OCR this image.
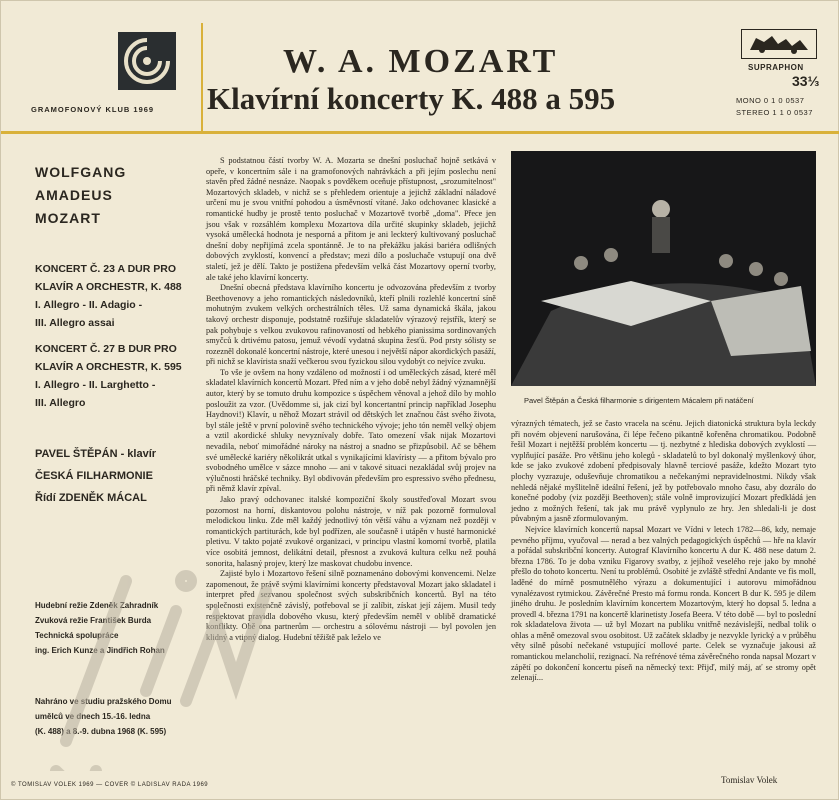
GRAMOFONOVÝ KLUB 1969
W. A. MOZART
Klavírní koncerty K. 488 a 595
SUPRAPHON
33⅓
MONO 0 1 0 0537
STEREO 1 1 0 0537
WOLFGANG
AMADEUS
MOZART
KONCERT Č. 23 A DUR PRO
KLAVÍR A ORCHESTR, K. 488
I. Allegro - II. Adagio -
III. Allegro assai
KONCERT Č. 27 B DUR PRO
KLAVÍR A ORCHESTR, K. 595
I. Allegro - II. Larghetto -
III. Allegro
PAVEL ŠTĚPÁN - klavír
ČESKÁ FILHARMONIE
Řídí ZDENĚK MÁCAL
Hudební režie Zdeněk Zahradník
Zvuková režie František Burda
Technická spolupráce
ing. Erich Kunze a Jindřich Rohan
Nahráno ve studiu pražského Domu
umělců ve dnech 15.-16. ledna
(K. 488) a 8.-9. dubna 1968 (K. 595)
© TOMISLAV VOLEK 1969 — COVER © LADISLAV RADA 1969

S podstatnou částí tvorby W. A. Mozarta se dnešní posluchač hojně setkává v opeře, v koncertním sále i na gramofonových nahrávkách a při jejím poslechu není stavěn před žádné nesnáze. Naopak s povděkem oceňuje přístupnost, „srozumitelnost" Mozartových skladeb, v nichž se s přehledem orientuje a jejichž základní náladové určení mu je svou vnitřní pohodou a úsměvností vítané. Jako odchovanec klasické a romantické hudby je prostě tento posluchač v Mozartově tvorbě „doma". Přece jen jsou však v rozsáhlém komplexu Mozartova díla určité skupinky skladeb, jejichž vysoká umělecká hodnota je nesporná a přitom je ani leckterý kultivovaný posluchač dnešní doby nepřijímá zcela spontánně. Je to na překážku jakási bariéra odlišných dobových zvyklostí, konvencí a představ; mezi dílo a posluchače vstupují ona dvě staletí, jež je dělí. Takto je postižena především velká část Mozartovy operní tvorby, ale také jeho klavírní koncerty.

Dnešní obecná představa klavírního koncertu je odvozována především z tvorby Beethovenovy a jeho romantických následovníků, kteří plnili rozlehlé koncertní síně mohutným zvukem velkých orchestrálních těles. Už sama dynamická škála, jakou takový orchestr disponuje, podstatně rozšiřuje skladatelův výrazový rejstřík, který se pak pohybuje s velkou zvukovou rafinovaností od hebkého pianissima sordinovaných smyčců k drtivému patosu, jemuž vévodí vydatná skupina žesťů. Pod prsty sólisty se rozezněl dokonalé koncertní nástroje, které unesou i největší nápor akordických pasáží, při nichž se klavírista snaží večkerou svou fyzickou silou vydobýt co nejvíce zvuku.

To vše je ovšem na hony vzdáleno od možností i od uměleckých zásad, které měl skladatel klavírních koncertů Mozart. Před ním a v jeho době nebyl žádný významnější autor, který by se tomuto druhu kompozice s úspěchem věnoval a jehož dílo by mohlo posloužit za vzor. (Uvědomme si, jak cizí byl koncertantní princip například Josephu Haydnovi!) Klavír, u něhož Mozart strávil od dětských let značnou část svého života, byl stále ještě v první polovině svého technického vývoje; jeho tón neměl velký objem a vztil akordické shluky nevyznívaly dobře. Tato omezení však nijak Mozartovi nevadila, neboť mimořádné nároky na nástroj a snadno se přizpůsobil. Ač se během své umělecké kariéry několikrát utkal s vynikajícími klavíristy — a přitom bývalo pro svobodného umělce v sázce mnoho — ani v takové situaci nezakládal svůj projev na výlučnosti hráčské techniky. Byl obdivován především pro espressivo svého přednesu, při němž klavír zpíval.

Jako pravý odchovanec italské kompoziční školy soustřeďoval Mozart svou pozornost na horní, diskantovou polohu nástroje, v níž pak pozorně formuloval melodickou linku. Zde měl každý jednotlivý tón větší váhu a význam než později v romantických partiturách, kde byl podřízen, ale současně i utápěn v husté harmonické pletivu. V takto pojaté zvukové organizaci, v principu vlastní komorní tvorbě, platila více osobitá jemnost, delikátní detail, přesnost a zvuková kultura celku než pouhá sonorita, halasný projev, který lze maskovat chudobu invence.

Zajisté bylo i Mozartovo řešení silně poznamenáno dobovými konvencemi. Nelze zapomenout, že právě svými klavírními koncerty představoval Mozart jako skladatel i interpret před sezvanou společnost svých subskribčních koncertů. Byl na této společnosti existenčně závislý, potřeboval se jí zalíbit, získat její zájem. Musil tedy respektovat pravidla dobového vkusu, který především neměl v oblibě dramatické konflikty. Obě ona partnerům — orchestru a sólovému nástroji — byl povolen jen klidný a vtipný dialog. Hudební těžiště pak leželo ve

Pavel Štěpán a Česká filharmonie s dirigentem Mácalem při natáčení

výrazných tématech, jež se často vracela na scénu. Jejich diatonická struktura byla leckdy při novém objevení narušována, či lépe řečeno pikantně kořeněna chromatikou. Podobně řešil Mozart i nejtěžší problém koncertu — tj. nezbytné z hlediska dobových zvyklostí — vyplňující pasáže. Pro většinu jeho kolegů - skladatelů to byl dokonalý myšlenkový úhor, kde se jako zvukové zdobení předpisovaly hlavně terciové pasáže, kdežto Mozart tyto plochy vyzrazuje, oduševňuje chromatikou a nečekanými nepravidelnostmi. Nikdy však nehledá nějaké myšlitelně ideální řešení, jež by potřebovalo mnoho času, aby dozrálo do konečné podoby (viz později Beethoven); stále volně improvizující Mozart předkládá jen jedno z možných řešení, tak jak mu právě vyplynulo ze hry. Jen shledali-li je dost půvabným a jasně zformulovaným.

Nejvíce klavírních koncertů napsal Mozart ve Vídni v letech 1782—86, kdy, nemaje pevného příjmu, vyučoval — nerad a bez valných pedagogických úspěchů — hře na klavír a pořádal subskribční koncerty. Autograf Klavírního koncertu A dur K. 488 nese datum 2. března 1786. To je doba vzniku Figarovy svatby, z jejíhož veselého reje jako by mnohé přešlo do tohoto koncertu. Není tu problémů. Osobité je zvláště střední Andante ve fis moll, laděné do mírně posmutnělého výrazu a dokumentující i autorovu mimořádnou vynalézavost rytmickou. Závěrečné Presto má formu ronda. Koncert B dur K. 595 je dílem jiného druhu. Je posledním klavírním koncertem Mozartovým, který ho dopsal 5. ledna a provedl 4. března 1791 na koncertě klarinetisty Josefa Beera. V této době — byl to poslední rok skladatelova života — už byl Mozart na publiku vnitřně nezávislejší, nedbal tolik o ohlas a měně omezoval svou osobitost. Už začátek skladby je nezvykle lyrický a v průběhu věty silně působí nečekané vstupující mollové parte. Celek se vyznačuje jakousi až romantickou melancholií, rezignací. Na refrénové téma závěrečného ronda napsal Mozart v zápětí po dokončení koncertu píseň na německý text: Přijď, milý máj, ať se stromy opět zelenají...

Tomislav Volek
